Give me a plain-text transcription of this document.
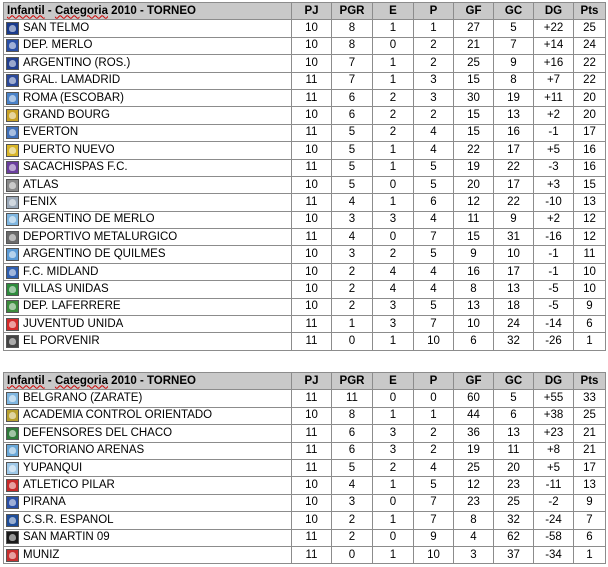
Infantil - Categoria 2010 - TORNEO	PJ	PGR	E	P	GF	GC	DG	Pts
SAN TELMO	10	8	1	1	27	5	+22	25
DEP. MERLO	10	8	0	2	21	7	+14	24
ARGENTINO (ROS.)	10	7	1	2	25	9	+16	22
GRAL. LAMADRID	11	7	1	3	15	8	+7	22
ROMA (ESCOBAR)	11	6	2	3	30	19	+11	20
GRAND BOURG	10	6	2	2	15	13	+2	20
EVERTON	11	5	2	4	15	16	-1	17
PUERTO NUEVO	10	5	1	4	22	17	+5	16
SACACHISPAS F.C.	11	5	1	5	19	22	-3	16
ATLAS	10	5	0	5	20	17	+3	15
FENIX	11	4	1	6	12	22	-10	13
ARGENTINO DE MERLO	10	3	3	4	11	9	+2	12
DEPORTIVO METALURGICO	11	4	0	7	15	31	-16	12
ARGENTINO DE QUILMES	10	3	2	5	9	10	-1	11
F.C. MIDLAND	10	2	4	4	16	17	-1	10
VILLAS UNIDAS	10	2	4	4	8	13	-5	10
DEP. LAFERRERE	10	2	3	5	13	18	-5	9
JUVENTUD UNIDA	11	1	3	7	10	24	-14	6
EL PORVENIR	11	0	1	10	6	32	-26	1
Infantil - Categoria 2010 - TORNEO	PJ	PGR	E	P	GF	GC	DG	Pts
BELGRANO (ZARATE)	11	11	0	0	60	5	+55	33
ACADEMIA CONTROL ORIENTADO	10	8	1	1	44	6	+38	25
DEFENSORES DEL CHACO	11	6	3	2	36	13	+23	21
VICTORIANO ARENAS	11	6	3	2	19	11	+8	21
YUPANQUI	11	5	2	4	25	20	+5	17
ATLETICO PILAR	10	4	1	5	12	23	-11	13
PIRANA	10	3	0	7	23	25	-2	9
C.S.R. ESPANOL	10	2	1	7	8	32	-24	7
SAN MARTIN 09	11	2	0	9	4	62	-58	6
MUNIZ	11	0	1	10	3	37	-34	1
